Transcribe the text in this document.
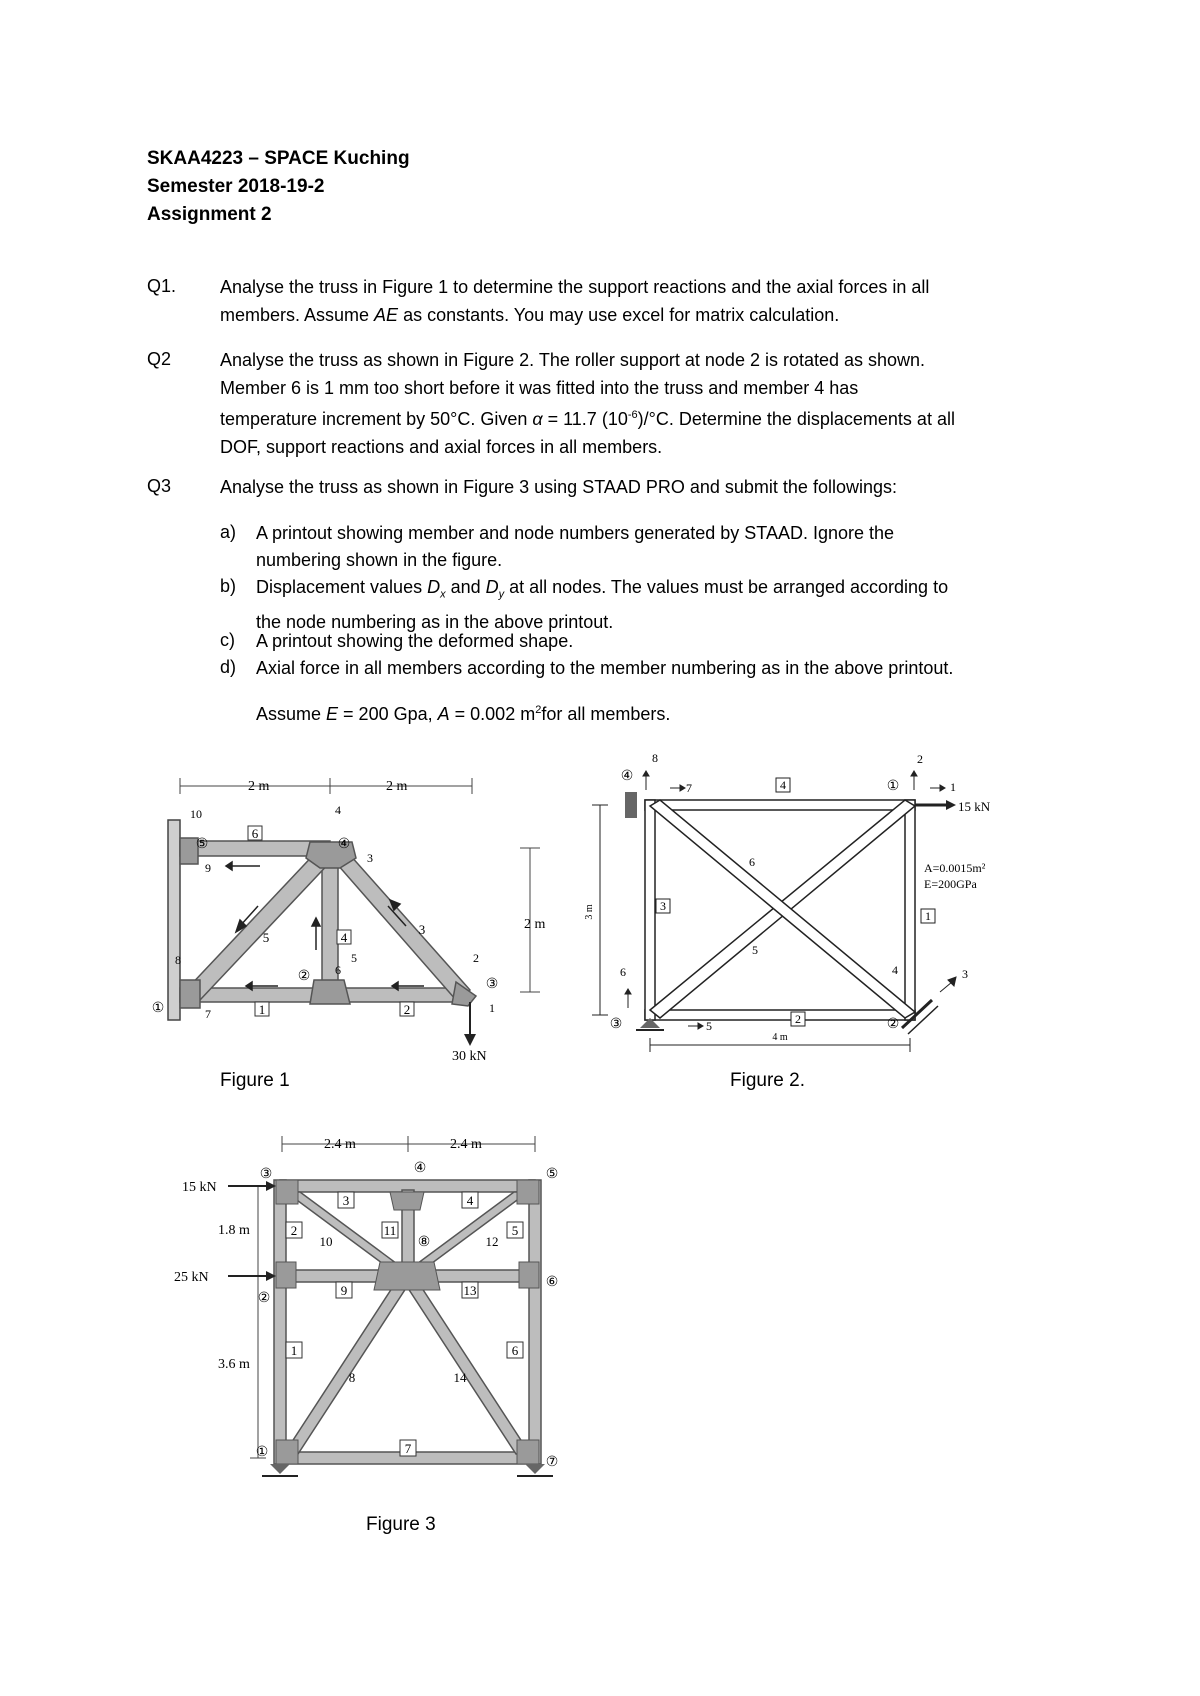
SKAA4223 – SPACE Kuching
Semester 2018-19-2
Assignment 2
Q1. Analyse the truss in Figure 1 to determine the support reactions and the axial forces in all
members. Assume AE as constants. You may use excel for matrix calculation.
Q2	Analyse the truss as shown in Figure 2. The roller support at node 2 is rotated as shown.
Member 6 is 1 mm too short before it was fitted into the truss and member 4 has
temperature increment by 50°C. Given α = 11.7 $(10^{-6})/^\circ C$. Determine the displacements at all
DOF, support reactions and axial forces in all members.
Q3	Analyse the truss as shown in Figure 3 using STAAD PRO and submit the followings:
a) A printout showing member and node numbers generated by STAAD. Ignore the
numbering shown in the figure.
b) Displacement values $D_x$ and $D_y$ at all nodes. The values must be arranged according to
the node numbering as in the above printout.
c) A printout showing the deformed shape.
d) Axial force in all members according to the member numbering as in the above printout.
Assume E = 200 Gpa, A = 0.002 $m^2for$ all members.
2 m	2 m
2 m
30 kN
①
②
③
④
⑤
1	2
3
4
5
6
1
2
3
4
5
6
7
8
9
10
Figure 1
15 kN
A=0.0015m²
E=200GPa
3 m
4 m
①
②
③
④
1
2
3
4
5
6
1
2
3
4
5
6
7
8
Figure 2.
2.4 m	2.4 m
1.8 m
3.6 m
15 kN
25 kN
①
②
③	④	⑤
⑥
⑦
⑧
1
2
3	4
5
6
7
8
9
10
11
12
13
14
Figure 3
